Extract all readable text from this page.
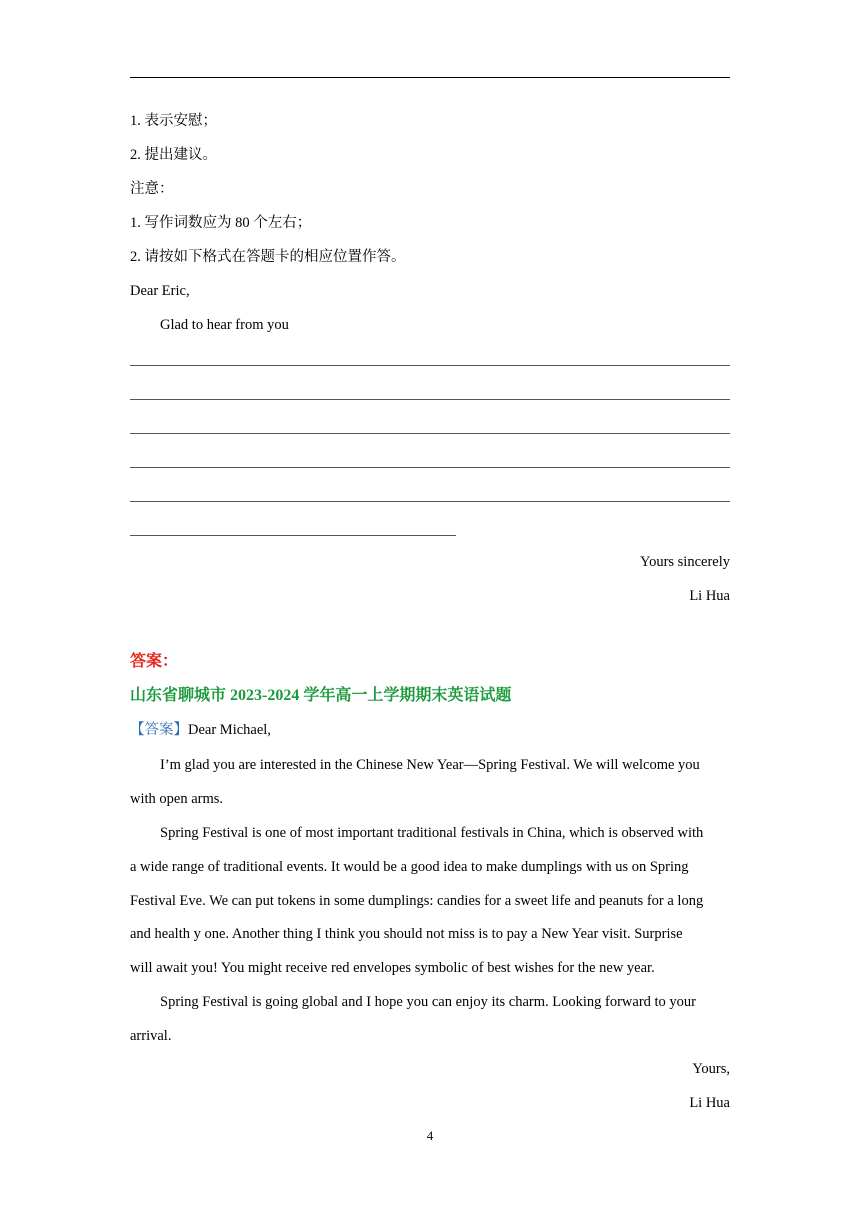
1. 表示安慰；
2. 提出建议。
注意：
1. 写作词数应为 80 个左右；
2. 请按如下格式在答题卡的相应位置作答。
Dear Eric,
Glad to hear from you
Yours sincerely
Li Hua
答案：
山东省聊城市 2023-2024 学年高一上学期期末英语试题
【答案】Dear Michael,
I’m glad you are interested in the Chinese New Year—Spring Festival. We will welcome you
with open arms.
Spring Festival is one of most important traditional festivals in China, which is observed with
a wide range of traditional events. It would be a good idea to make dumplings with us on Spring
Festival Eve. We can put tokens in some dumplings: candies for a sweet life and peanuts for a long
and health y one. Another thing I think you should not miss is to pay a New Year visit. Surprise
will await you! You might receive red envelopes symbolic of best wishes for the new year.
Spring Festival is going global and I hope you can enjoy its charm. Looking forward to your
arrival.
Yours,
Li Hua
4
